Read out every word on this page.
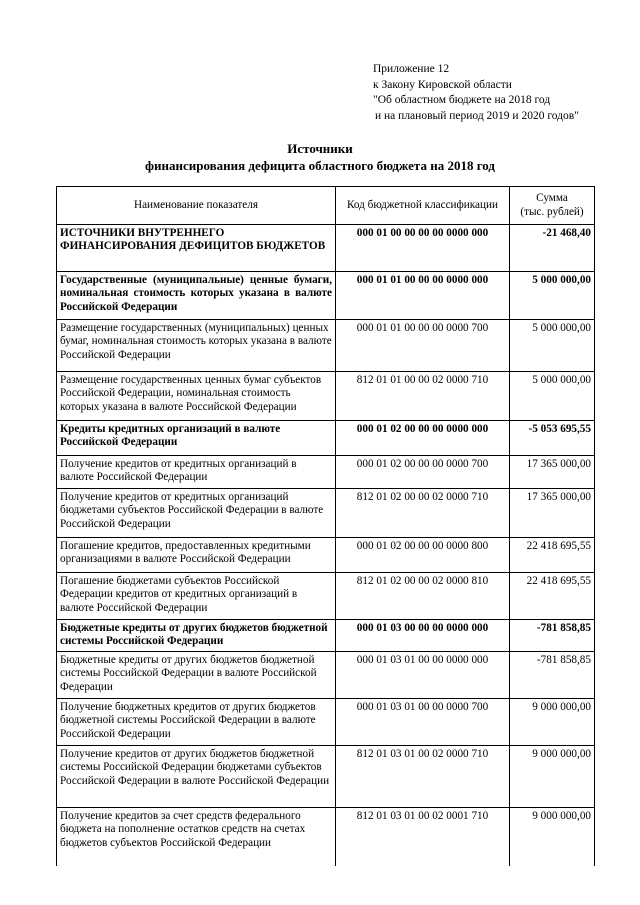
Приложение 12
к Закону Кировской области
"Об областном бюджете на 2018 год
и на плановый период 2019 и 2020 годов"
Источники
финансирования дефицита областного бюджета на 2018 год
Наименование показателя	Код бюджетной классификации	Сумма
(тыс. рублей)

ИСТОЧНИКИ ВНУТРЕННЕГО ФИНАНСИРОВАНИЯ ДЕФИЦИТОВ БЮДЖЕТОВ	000 01 00 00 00 00 0000 000	-21 468,40
Государственные (муниципальные) ценные бумаги, номинальная стоимость которых указана в валюте Российской Федерации	000 01 01 00 00 00 0000 000	5 000 000,00
Размещение государственных (муниципальных) ценных бумаг, номинальная стоимость которых указана в валюте Российской Федерации	000 01 01 00 00 00 0000 700	5 000 000,00
Размещение государственных ценных бумаг субъектов Российской Федерации, номинальная стоимость которых указана в валюте Российской Федерации	812 01 01 00 00 02 0000 710	5 000 000,00
Кредиты кредитных организаций в валюте Российской Федерации	000 01 02 00 00 00 0000 000	-5 053 695,55
Получение кредитов от кредитных организаций в валюте Российской Федерации	000 01 02 00 00 00 0000 700	17 365 000,00
Получение кредитов от кредитных организаций бюджетами субъектов Российской Федерации в валюте Российской Федерации	812 01 02 00 00 02 0000 710	17 365 000,00
Погашение кредитов, предоставленных кредитными организациями в валюте Российской Федерации	000 01 02 00 00 00 0000 800	22 418 695,55
Погашение бюджетами субъектов Российской Федерации кредитов от кредитных организаций в валюте Российской Федерации	812 01 02 00 00 02 0000 810	22 418 695,55
Бюджетные кредиты от других бюджетов бюджетной системы Российской Федерации	000 01 03 00 00 00 0000 000	-781 858,85
Бюджетные кредиты от других бюджетов бюджетной системы Российской Федерации в валюте Российской Федерации	000 01 03 01 00 00 0000 000	-781 858,85
Получение бюджетных кредитов от других бюджетов бюджетной системы Российской Федерации в валюте Российской Федерации	000 01 03 01 00 00 0000 700	9 000 000,00
Получение кредитов от других бюджетов бюджетной системы Российской Федерации бюджетами субъектов Российской Федерации в валюте Российской Федерации	812 01 03 01 00 02 0000 710	9 000 000,00
Получение кредитов за счет средств федерального бюджета на пополнение остатков средств на счетах бюджетов субъектов Российской Федерации	812 01 03 01 00 02 0001 710	9 000 000,00
